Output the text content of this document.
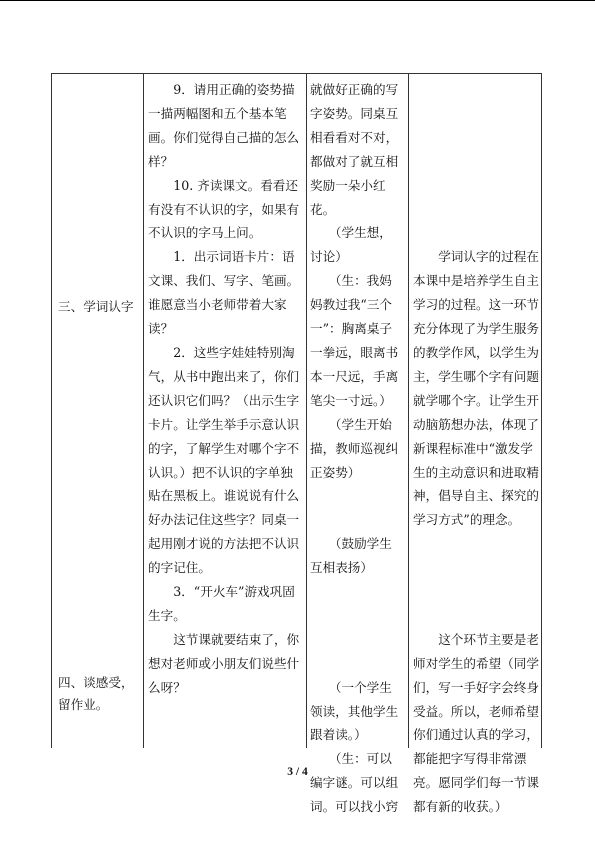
三、学词认字
四、谈感受，
留作业。

　　9．请用正确的姿势描

一描两幅图和五个基本笔

画。你们觉得自己描的怎么

样？

　　10. 齐读课文。看看还

有没有不认识的字，如果有

不认识的字马上问。

　　1．出示词语卡片：语

文课、我们、写字、笔画。

谁愿意当小老师带着大家

读？

　　2．这些字娃娃特别淘

气，从书中跑出来了，你们

还认识它们吗？（出示生字

卡片。让学生举手示意认识

的字，了解学生对哪个字不

认识。）把不认识的字单独

贴在黑板上。谁说说有什么

好办法记住这些字？同桌一

起用刚才说的方法把不认识

的字记住。

　　3．“开火车”游戏巩固

生字。

　　这节课就要结束了，你

想对老师或小朋友们说些什

么呀？

就做好正确的写

字姿势。同桌互

相看看对不对，

都做对了就互相

奖励一朵小红

花。

　　（学生想，

讨论）

　　（生：我妈

妈教过我“三个

一”：胸离桌子

一拳远，眼离书

本一尺远，手离

笔尖一寸远。）

　　（学生开始

描，教师巡视纠

正姿势）

　　（鼓励学生

互相表扬）

　　（一个学生

领读，其他学生

跟着读。）

　　（生：可以

编字谜。可以组

词。可以找小窍

　　学词认字的过程在

本课中是培养学生自主

学习的过程。这一环节

充分体现了为学生服务

的教学作风，以学生为

主，学生哪个字有问题

就学哪个字。让学生开

动脑筋想办法，体现了

新课程标准中“激发学

生的主动意识和进取精

神，倡导自主、探究的

学习方式”的理念。

　　这个环节主要是老

师对学生的希望（同学

们，写一手好字会终身

受益。所以，老师希望

你们通过认真的学习，

都能把字写得非常漂

亮。愿同学们每一节课

都有新的收获。）

3 / 4
